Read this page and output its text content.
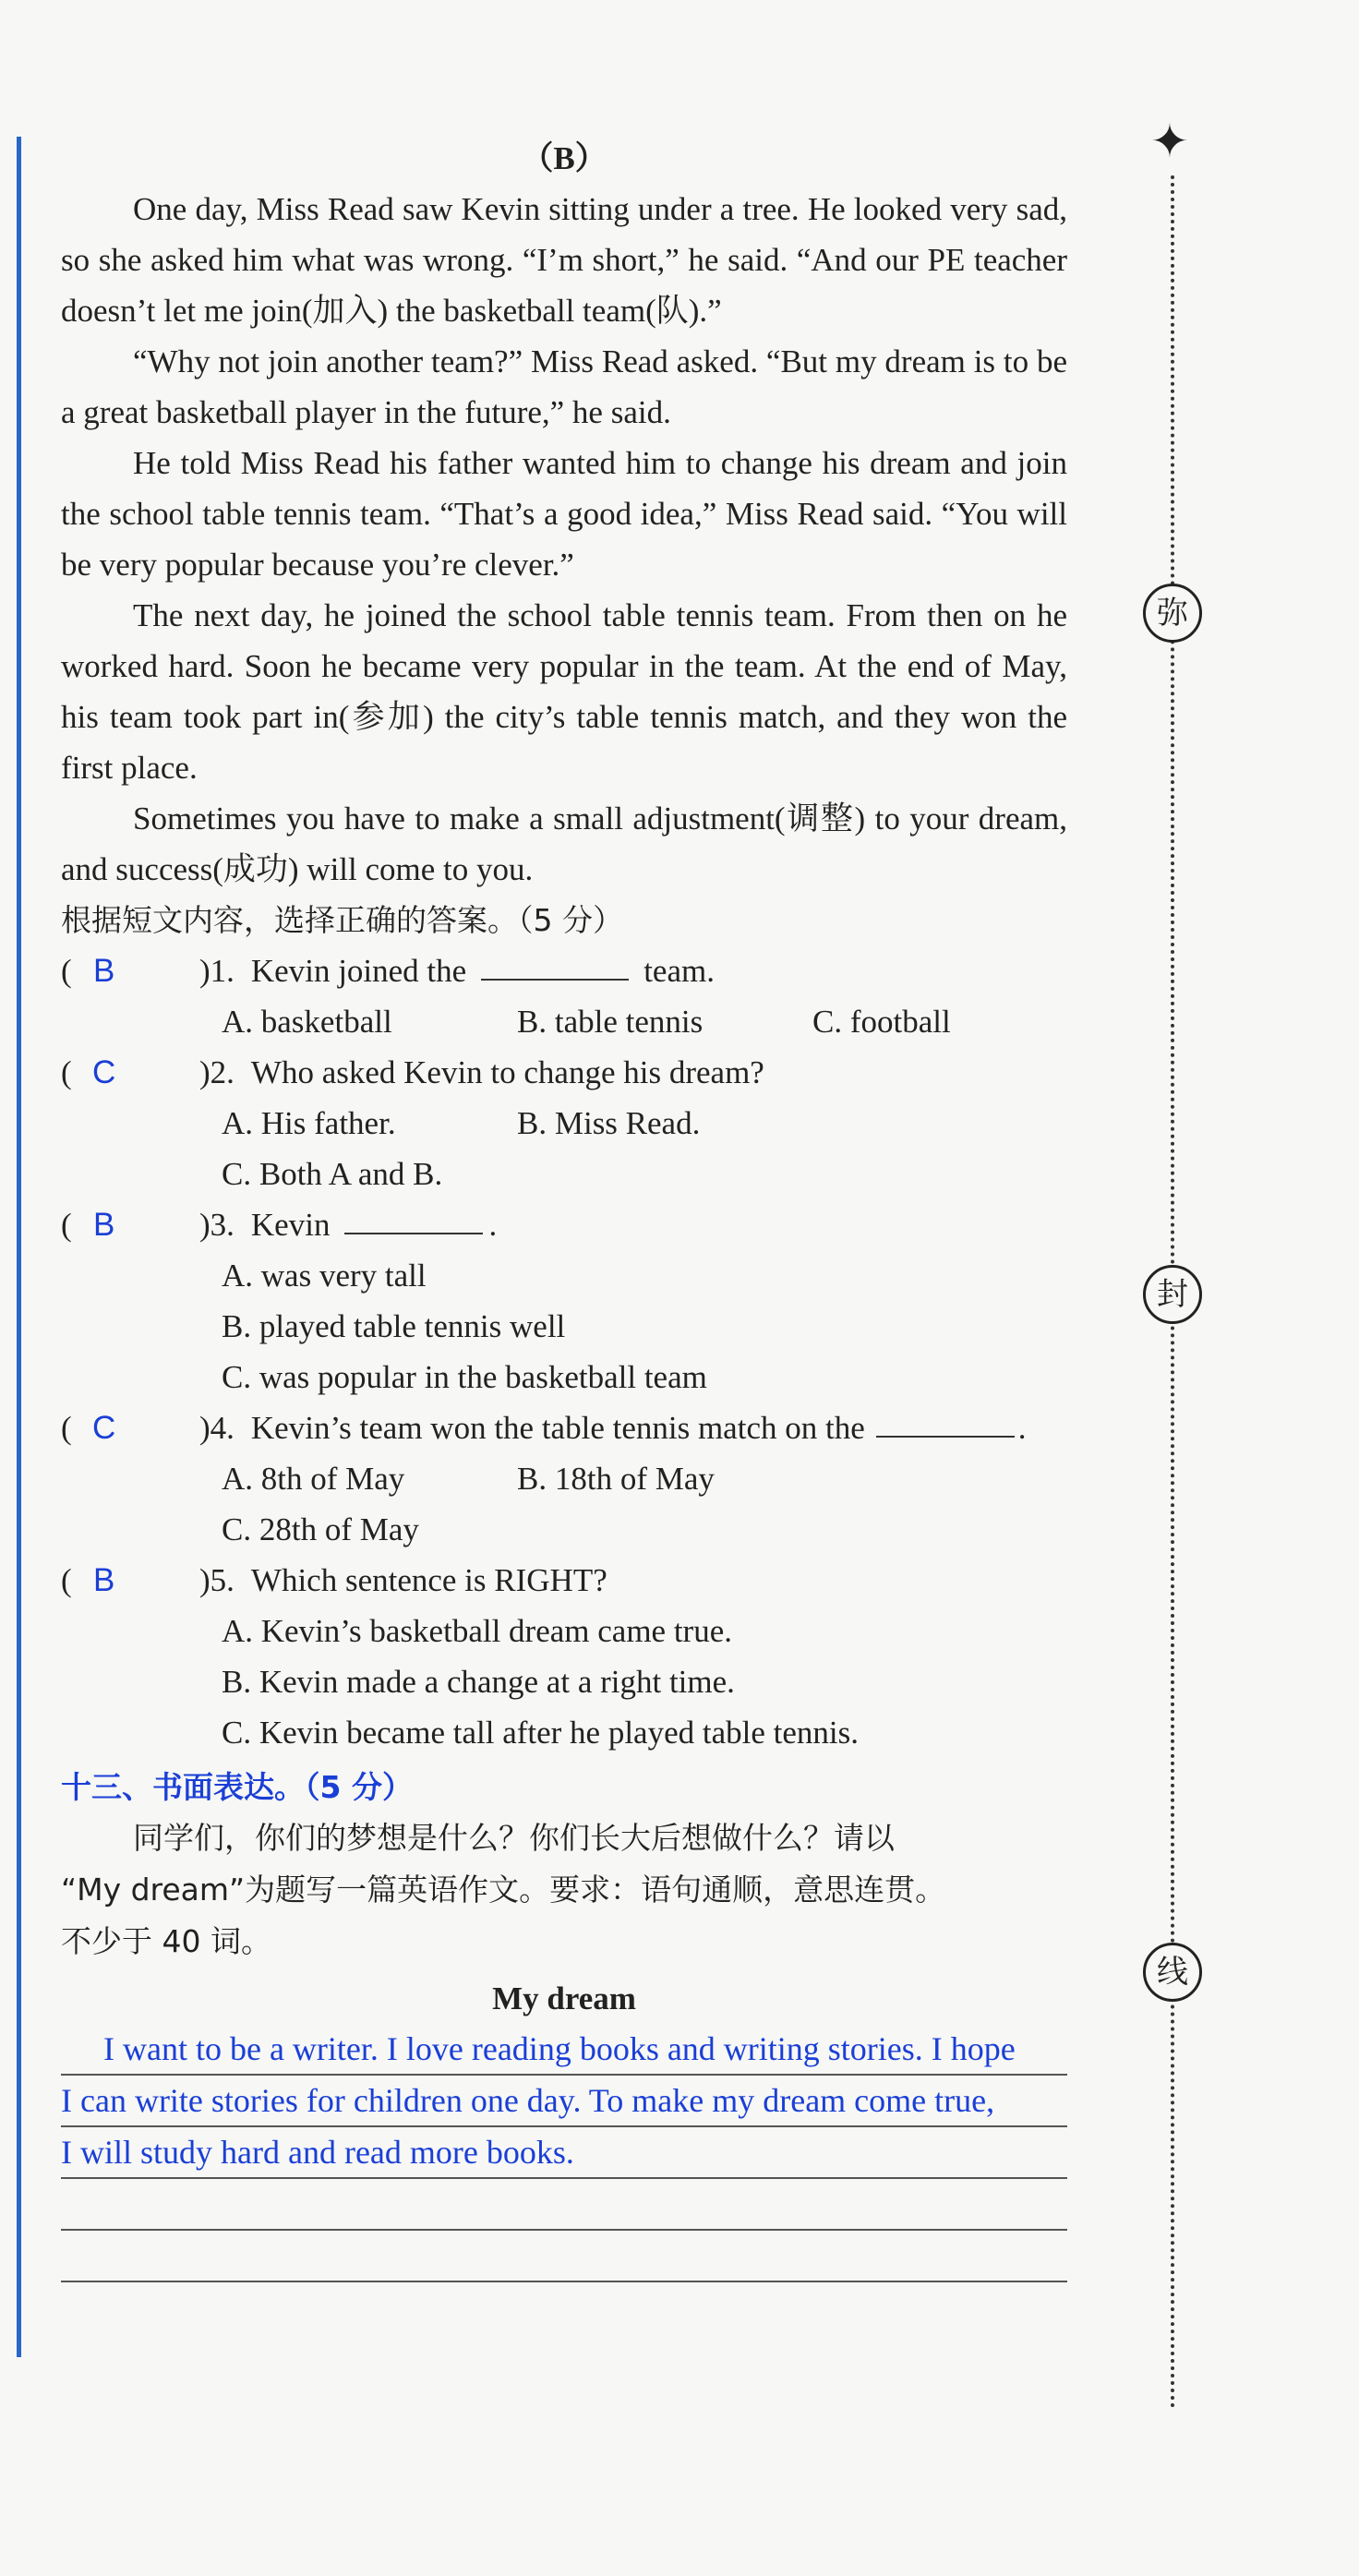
✦
弥
封
线
（B）

One day, Miss Read saw Kevin sitting under a tree. He looked very sad, so she asked him what was wrong. “I’m short,” he said. “And our PE teacher doesn’t let me join(加入) the basketball team(队).”

“Why not join another team?” Miss Read asked. “But my dream is to be a great basketball player in the future,” he said.

He told Miss Read his father wanted him to change his dream and join the school table tennis team. “That’s a good idea,” Miss Read said. “You will be very popular because you’re clever.”

The next day, he joined the school table tennis team. From then on he worked hard. Soon he became very popular in the team. At the end of May, his team took part in(参加) the city’s table tennis match, and they won the first place.

Sometimes you have to make a small adjustment(调整) to your dream, and success(成功) will come to you.

根据短文内容，选择正确的答案。（5 分）

( B	)1. Kevin joined the	team.
A. basketball	B. table tennis	C. football
( C	)2. Who asked Kevin to change his dream?
A. His father.	B. Miss Read.
C. Both A and B.
( B	)3. Kevin	.
A. was very tall
B. played table tennis well
C. was popular in the basketball team
( C	)4. Kevin’s team won the table tennis match on the	.
A. 8th of May	B. 18th of May
C. 28th of May
( B	)5. Which sentence is RIGHT?
A. Kevin’s basketball dream came true.
B. Kevin made a change at a right time.
C. Kevin became tall after he played table tennis.

十三、书面表达。（5 分）

同学们，你们的梦想是什么？你们长大后想做什么？请以

“My dream”为题写一篇英语作文。要求：语句通顺，意思连贯。

不少于 40 词。

My dream
I want to be a writer. I love reading books and writing stories. I hope
I can write stories for children one day. To make my dream come true,
I will study hard and read more books.
